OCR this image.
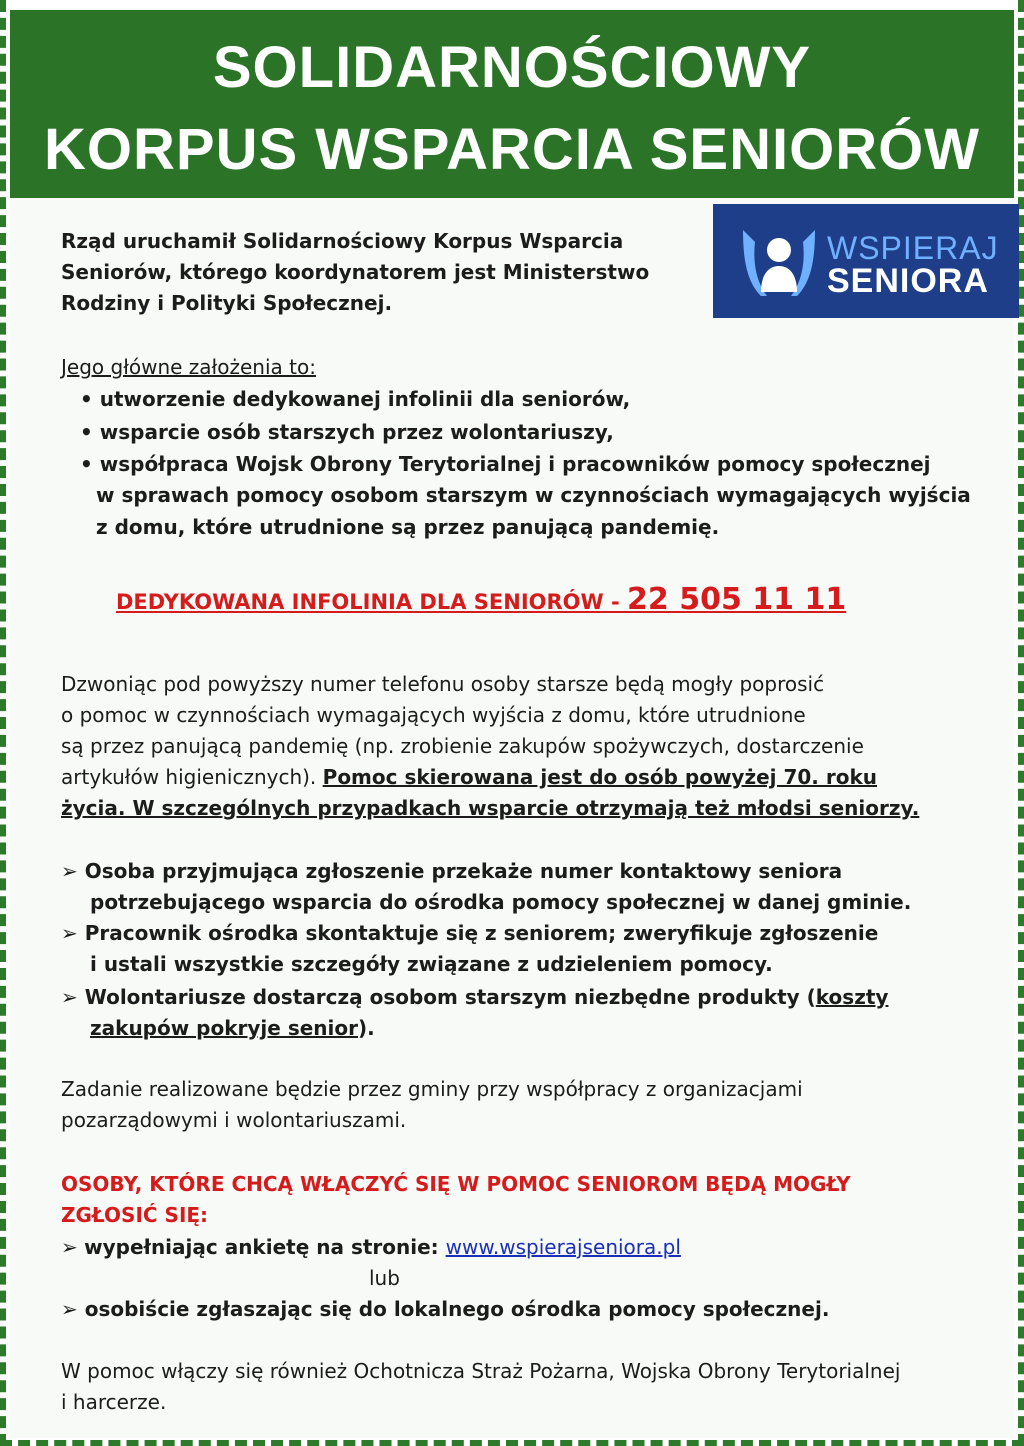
SOLIDARNOŚCIOWY
KORPUS WSPARCIA SENIORÓW
WSPIERAJ
SENIORA
Rząd uruchamił Solidarnościowy Korpus Wsparcia
Seniorów, którego koordynatorem jest Ministerstwo
Rodziny i Polityki Społecznej.
Jego główne założenia to:
• utworzenie dedykowanej infolinii dla seniorów,
• wsparcie osób starszych przez wolontariuszy,
• współpraca Wojsk Obrony Terytorialnej i pracowników pomocy społecznej
w sprawach pomocy osobom starszym w czynnościach wymagających wyjścia
z domu, które utrudnione są przez panującą pandemię.
DEDYKOWANA INFOLINIA DLA SENIORÓW - 22 505 11 11
Dzwoniąc pod powyższy numer telefonu osoby starsze będą mogły poprosić
o pomoc w czynnościach wymagających wyjścia z domu, które utrudnione
są przez panującą pandemię (np. zrobienie zakupów spożywczych, dostarczenie
artykułów higienicznych). Pomoc skierowana jest do osób powyżej 70. roku
życia. W szczególnych przypadkach wsparcie otrzymają też młodsi seniorzy.
➢ Osoba przyjmująca zgłoszenie przekaże numer kontaktowy seniora
potrzebującego wsparcia do ośrodka pomocy społecznej w danej gminie.
➢ Pracownik ośrodka skontaktuje się z seniorem; zweryfikuje zgłoszenie
i ustali wszystkie szczegóły związane z udzieleniem pomocy.
➢ Wolontariusze dostarczą osobom starszym niezbędne produkty (koszty
zakupów pokryje senior).
Zadanie realizowane będzie przez gminy przy współpracy z organizacjami
pozarządowymi i wolontariuszami.
OSOBY, KTÓRE CHCĄ WŁĄCZYĆ SIĘ W POMOC SENIOROM BĘDĄ MOGŁY
ZGŁOSIĆ SIĘ:
➢ wypełniając ankietę na stronie: www.wspierajseniora.pl
lub
➢ osobiście zgłaszając się do lokalnego ośrodka pomocy społecznej.
W pomoc włączy się również Ochotnicza Straż Pożarna, Wojska Obrony Terytorialnej
i harcerze.
